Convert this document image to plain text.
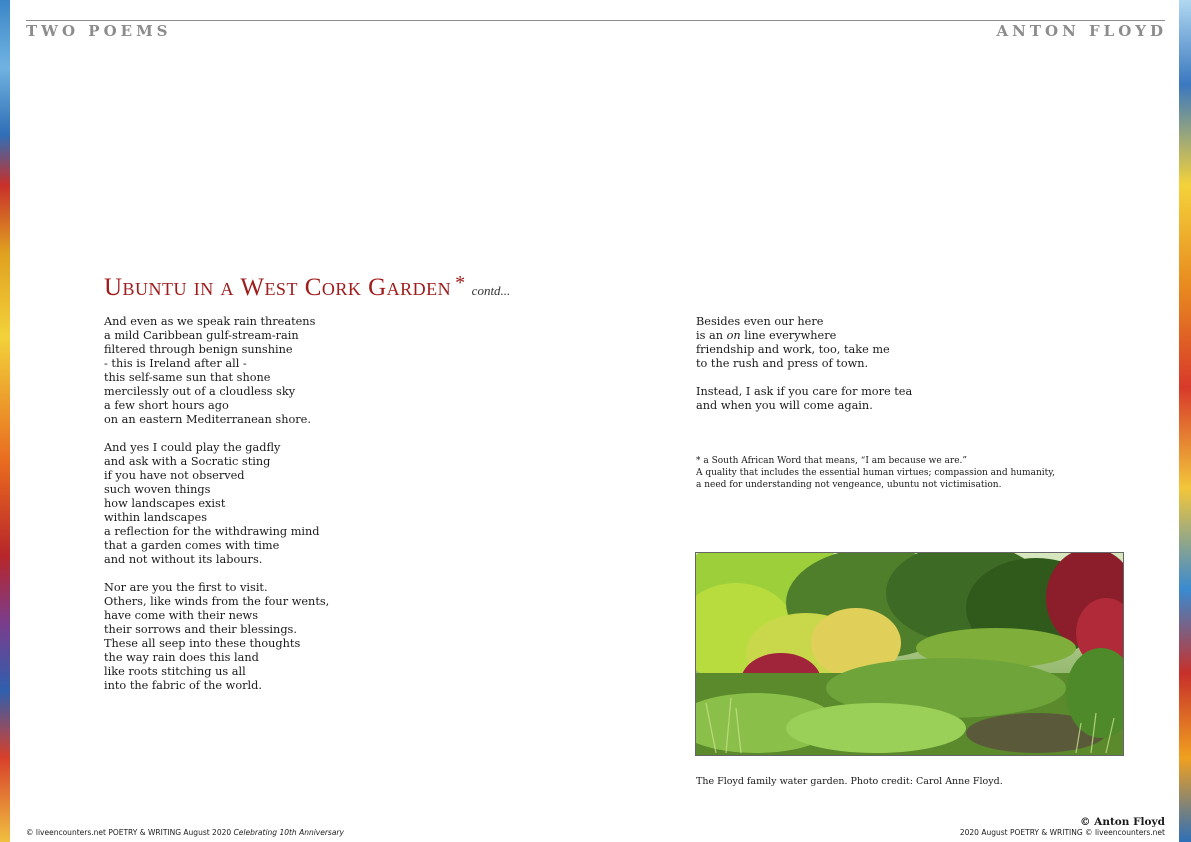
TWO POEMS	ANTON FLOYD
Ubuntu in a West Cork Garden * contd...
And even as we speak rain threatens
a mild Caribbean gulf-stream-rain
filtered through benign sunshine
- this is Ireland after all -
this self-same sun that shone
mercilessly out of a cloudless sky
a few short hours ago
on an eastern Mediterranean shore.
And yes I could play the gadfly
and ask with a Socratic sting
if you have not observed
such woven things
how landscapes exist
within landscapes
a reflection for the withdrawing mind
that a garden comes with time
and not without its labours.
Nor are you the first to visit.
Others, like winds from the four wents,
have come with their news
their sorrows and their blessings.
These all seep into these thoughts
the way rain does this land
like roots stitching us all
into the fabric of the world.
Besides even our here
is an on line everywhere
friendship and work, too, take me
to the rush and press of town.
Instead, I ask if you care for more tea
and when you will come again.
* a South African Word that means, “I am because we are.”
A quality that includes the essential human virtues; compassion and humanity,
a need for understanding not vengeance, ubuntu not victimisation.
The Floyd family water garden. Photo credit: Carol Anne Floyd.
© Anton Floyd
© liveencounters.net POETRY & WRITING August 2020 Celebrating 10th Anniversary	2020 August POETRY & WRITING © liveencounters.net
